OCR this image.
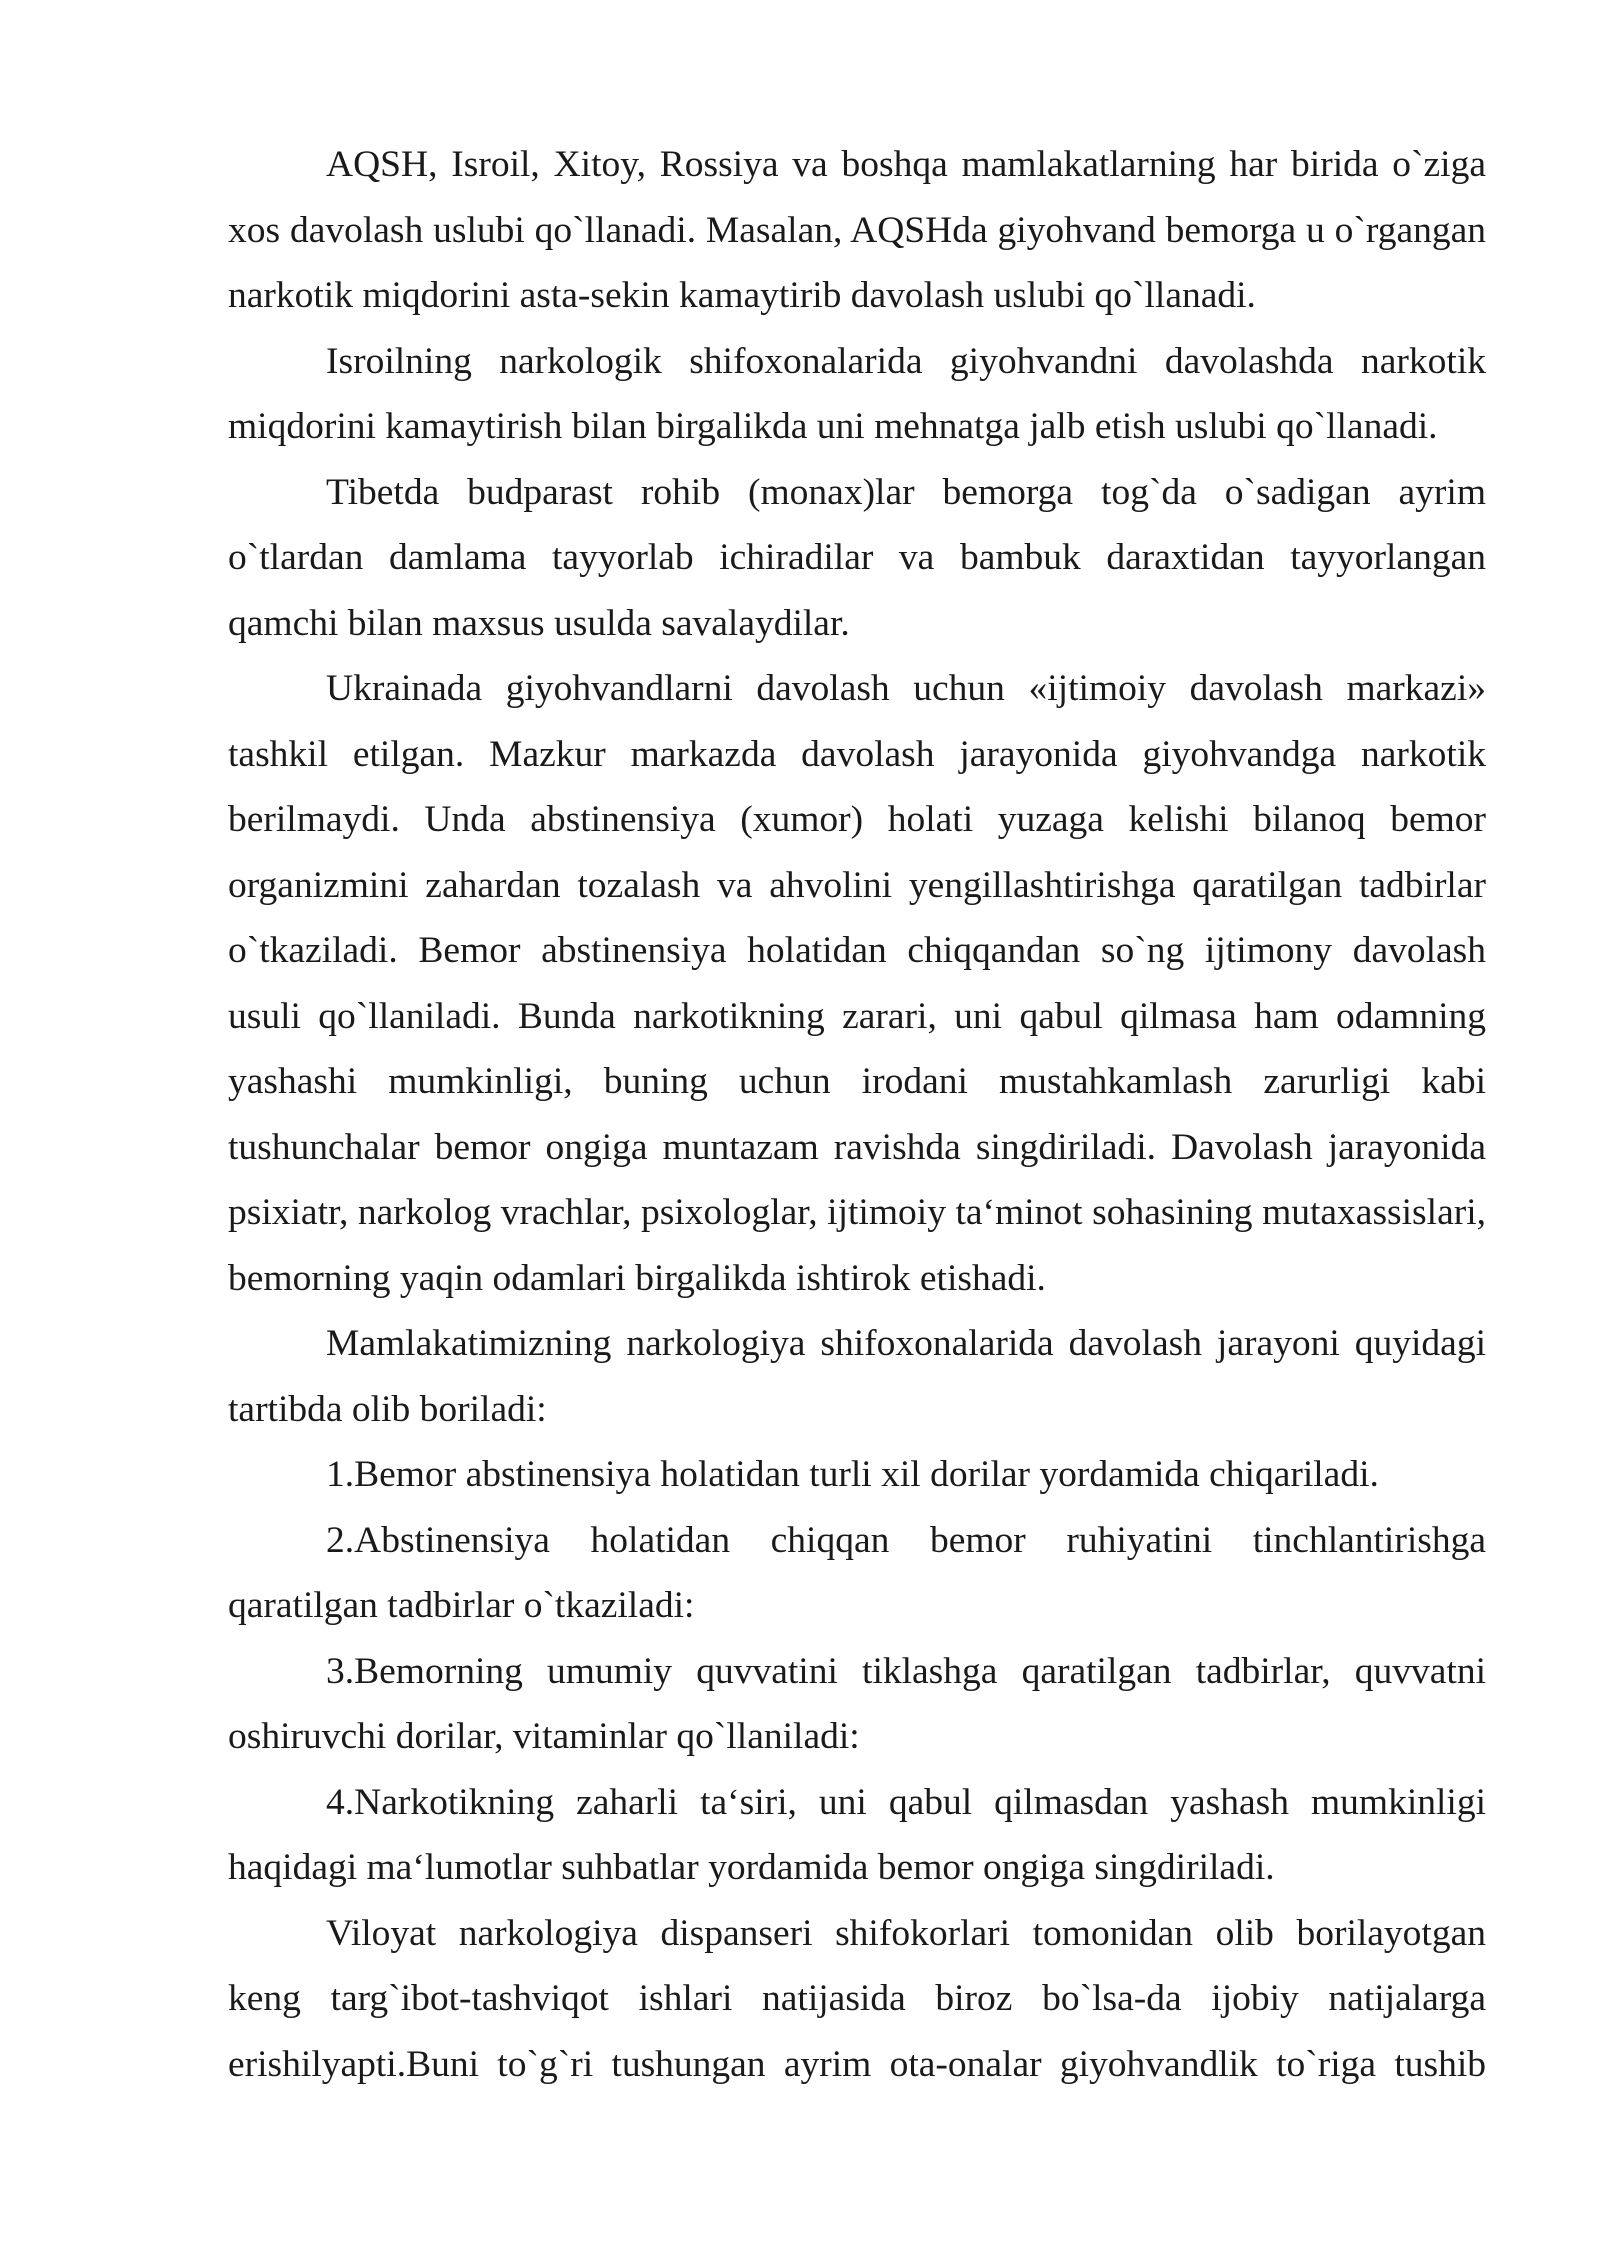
AQSH, Isroil, Xitoy, Rossiya va boshqa mamlakatlarning har birida o`ziga xos davolash uslubi qo`llanadi. Masalan, AQSHda giyohvand bemorga u o`rgangan narkotik miqdorini asta-sekin kamaytirib davolash uslubi qo`llanadi.

Isroilning narkologik shifoxonalarida giyohvandni davolashda narkotik miqdorini kamaytirish bilan birgalikda uni mehnatga jalb etish uslubi qo`llanadi.

Tibetda budparast rohib (monax)lar bemorga tog`da o`sadigan ayrim o`tlardan damlama tayyorlab ichiradilar va bambuk daraxtidan tayyorlangan qamchi bilan maxsus usulda savalaydilar.

Ukrainada giyohvandlarni davolash uchun «ijtimoiy davolash markazi» tashkil etilgan. Mazkur markazda davolash jarayonida giyohvandga narkotik berilmaydi. Unda abstinensiya (xumor) holati yuzaga kelishi bilanoq bemor organizmini zahardan tozalash va ahvolini yengillashtirishga qaratilgan tadbirlar o`tkaziladi. Bemor abstinensiya holatidan chiqqandan so`ng ijtimony davolash usuli qo`llaniladi. Bunda narkotikning zarari, uni qabul qilmasa ham odamning yashashi mumkinligi, buning uchun irodani mustahkamlash zarurligi kabi tushunchalar bemor ongiga muntazam ravishda singdiriladi. Davolash jarayonida psixiatr, narkolog vrachlar, psixologlar, ijtimoiy ta‘minot sohasining mutaxassislari, bemorning yaqin odamlari birgalikda ishtirok etishadi.

Mamlakatimizning narkologiya shifoxonalarida davolash jarayoni quyidagi tartibda olib boriladi:

1.Bemor abstinensiya holatidan turli xil dorilar yordamida chiqariladi.

2.Abstinensiya holatidan chiqqan bemor ruhiyatini tinchlantirishga qaratilgan tadbirlar o`tkaziladi:

3.Bemorning umumiy quvvatini tiklashga qaratilgan tadbirlar, quvvatni oshiruvchi dorilar, vitaminlar qo`llaniladi:

4.Narkotikning zaharli ta‘siri, uni qabul qilmasdan yashash mumkinligi haqidagi ma‘lumotlar suhbatlar yordamida bemor ongiga singdiriladi.

Viloyat narkologiya dispanseri shifokorlari tomonidan olib borilayotgan keng targ`ibot-tashviqot ishlari natijasida biroz bo`lsa-da ijobiy natijalarga erishilyapti.Buni to`g`ri tushungan ayrim ota-onalar giyohvandlik to`riga tushib
